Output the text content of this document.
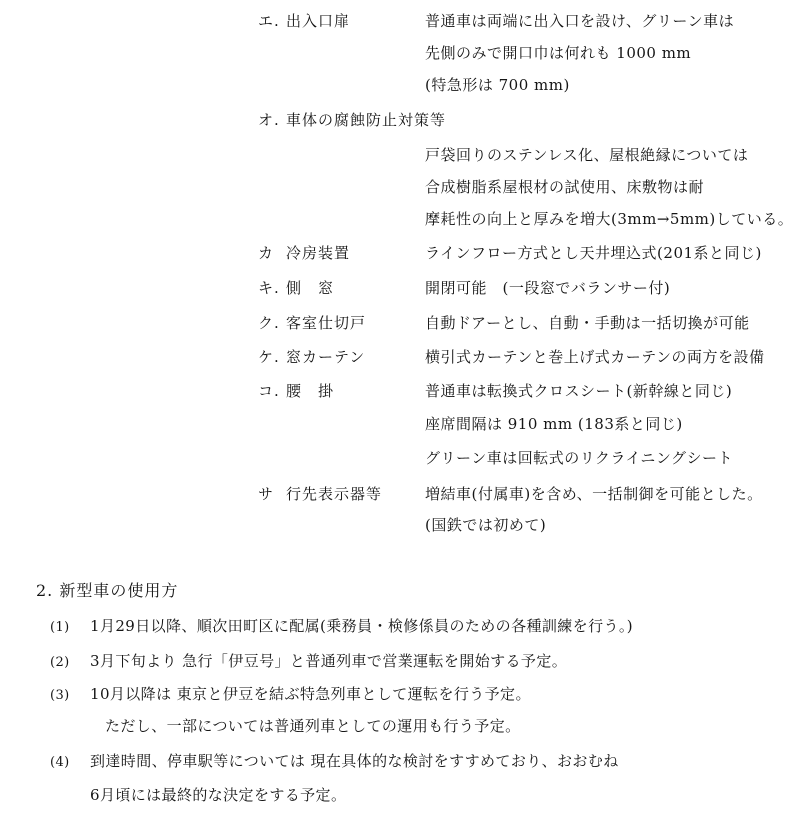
エ. 出入口扉	普通車は両端に出入口を設け、グリーン車は
先側のみで開口巾は何れも 1000 mm
(特急形は 700 mm)
オ. 車体の腐蝕防止対策等
戸袋回りのステンレス化、屋根絶縁については
合成樹脂系屋根材の試使用、床敷物は耐
摩耗性の向上と厚みを増大(3mm→5mm)している。
カ 冷房装置	ラインフロー方式とし天井埋込式(201系と同じ)
キ. 側　窓	開閉可能　(一段窓でバランサー付)
ク. 客室仕切戸	自動ドアーとし、自動・手動は一括切換が可能
ケ. 窓カーテン	横引式カーテンと巻上げ式カーテンの両方を設備
コ. 腰　掛	普通車は転換式クロスシート(新幹線と同じ)
座席間隔は 910 mm (183系と同じ)
グリーン車は回転式のリクライニングシート
サ 行先表示器等	増結車(付属車)を含め、一括制御を可能とした。
(国鉄では初めて)
2. 新型車の使用方
(1) 1月29日以降、順次田町区に配属(乗務員・検修係員のための各種訓練を行う。)
(2) 3月下旬より 急行「伊豆号」と普通列車で営業運転を開始する予定。
(3) 10月以降は 東京と伊豆を結ぶ特急列車として運転を行う予定。
ただし、一部については普通列車としての運用も行う予定。
(4) 到達時間、停車駅等については 現在具体的な検討をすすめており、おおむね
6月頃には最終的な決定をする予定。
